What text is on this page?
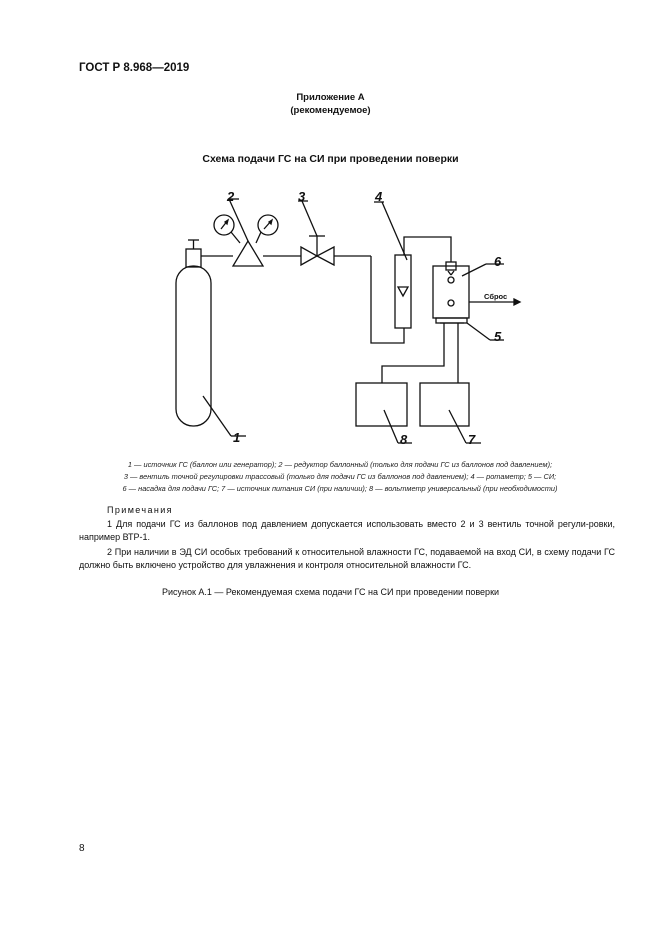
ГОСТ Р 8.968—2019
Приложение А
(рекомендуемое)
Схема подачи ГС на СИ при проведении поверки
1
2	3	4
5
6
7
8
Сброс
1 — источник ГС (баллон или генератор); 2 — редуктор баллонный (только для подачи ГС из баллонов под давлением);
3 — вентиль точной регулировки трассовый (только для подачи ГС из баллонов под давлением); 4 — ротаметр; 5 — СИ;
6 — насадка для подачи ГС; 7 — источник питания СИ (при наличии); 8 — вольтметр универсальный (при необходимости)
Примечания
1 Для подачи ГС из баллонов под давлением допускается использовать вместо 2 и 3 вентиль точной регули-ровки, например ВТР-1.
2 При наличии в ЭД СИ особых требований к относительной влажности ГС, подаваемой на вход СИ, в схему подачи ГС должно быть включено устройство для увлажнения и контроля относительной влажности ГС.
Рисунок А.1 — Рекомендуемая схема подачи ГС на СИ при проведении поверки
8
